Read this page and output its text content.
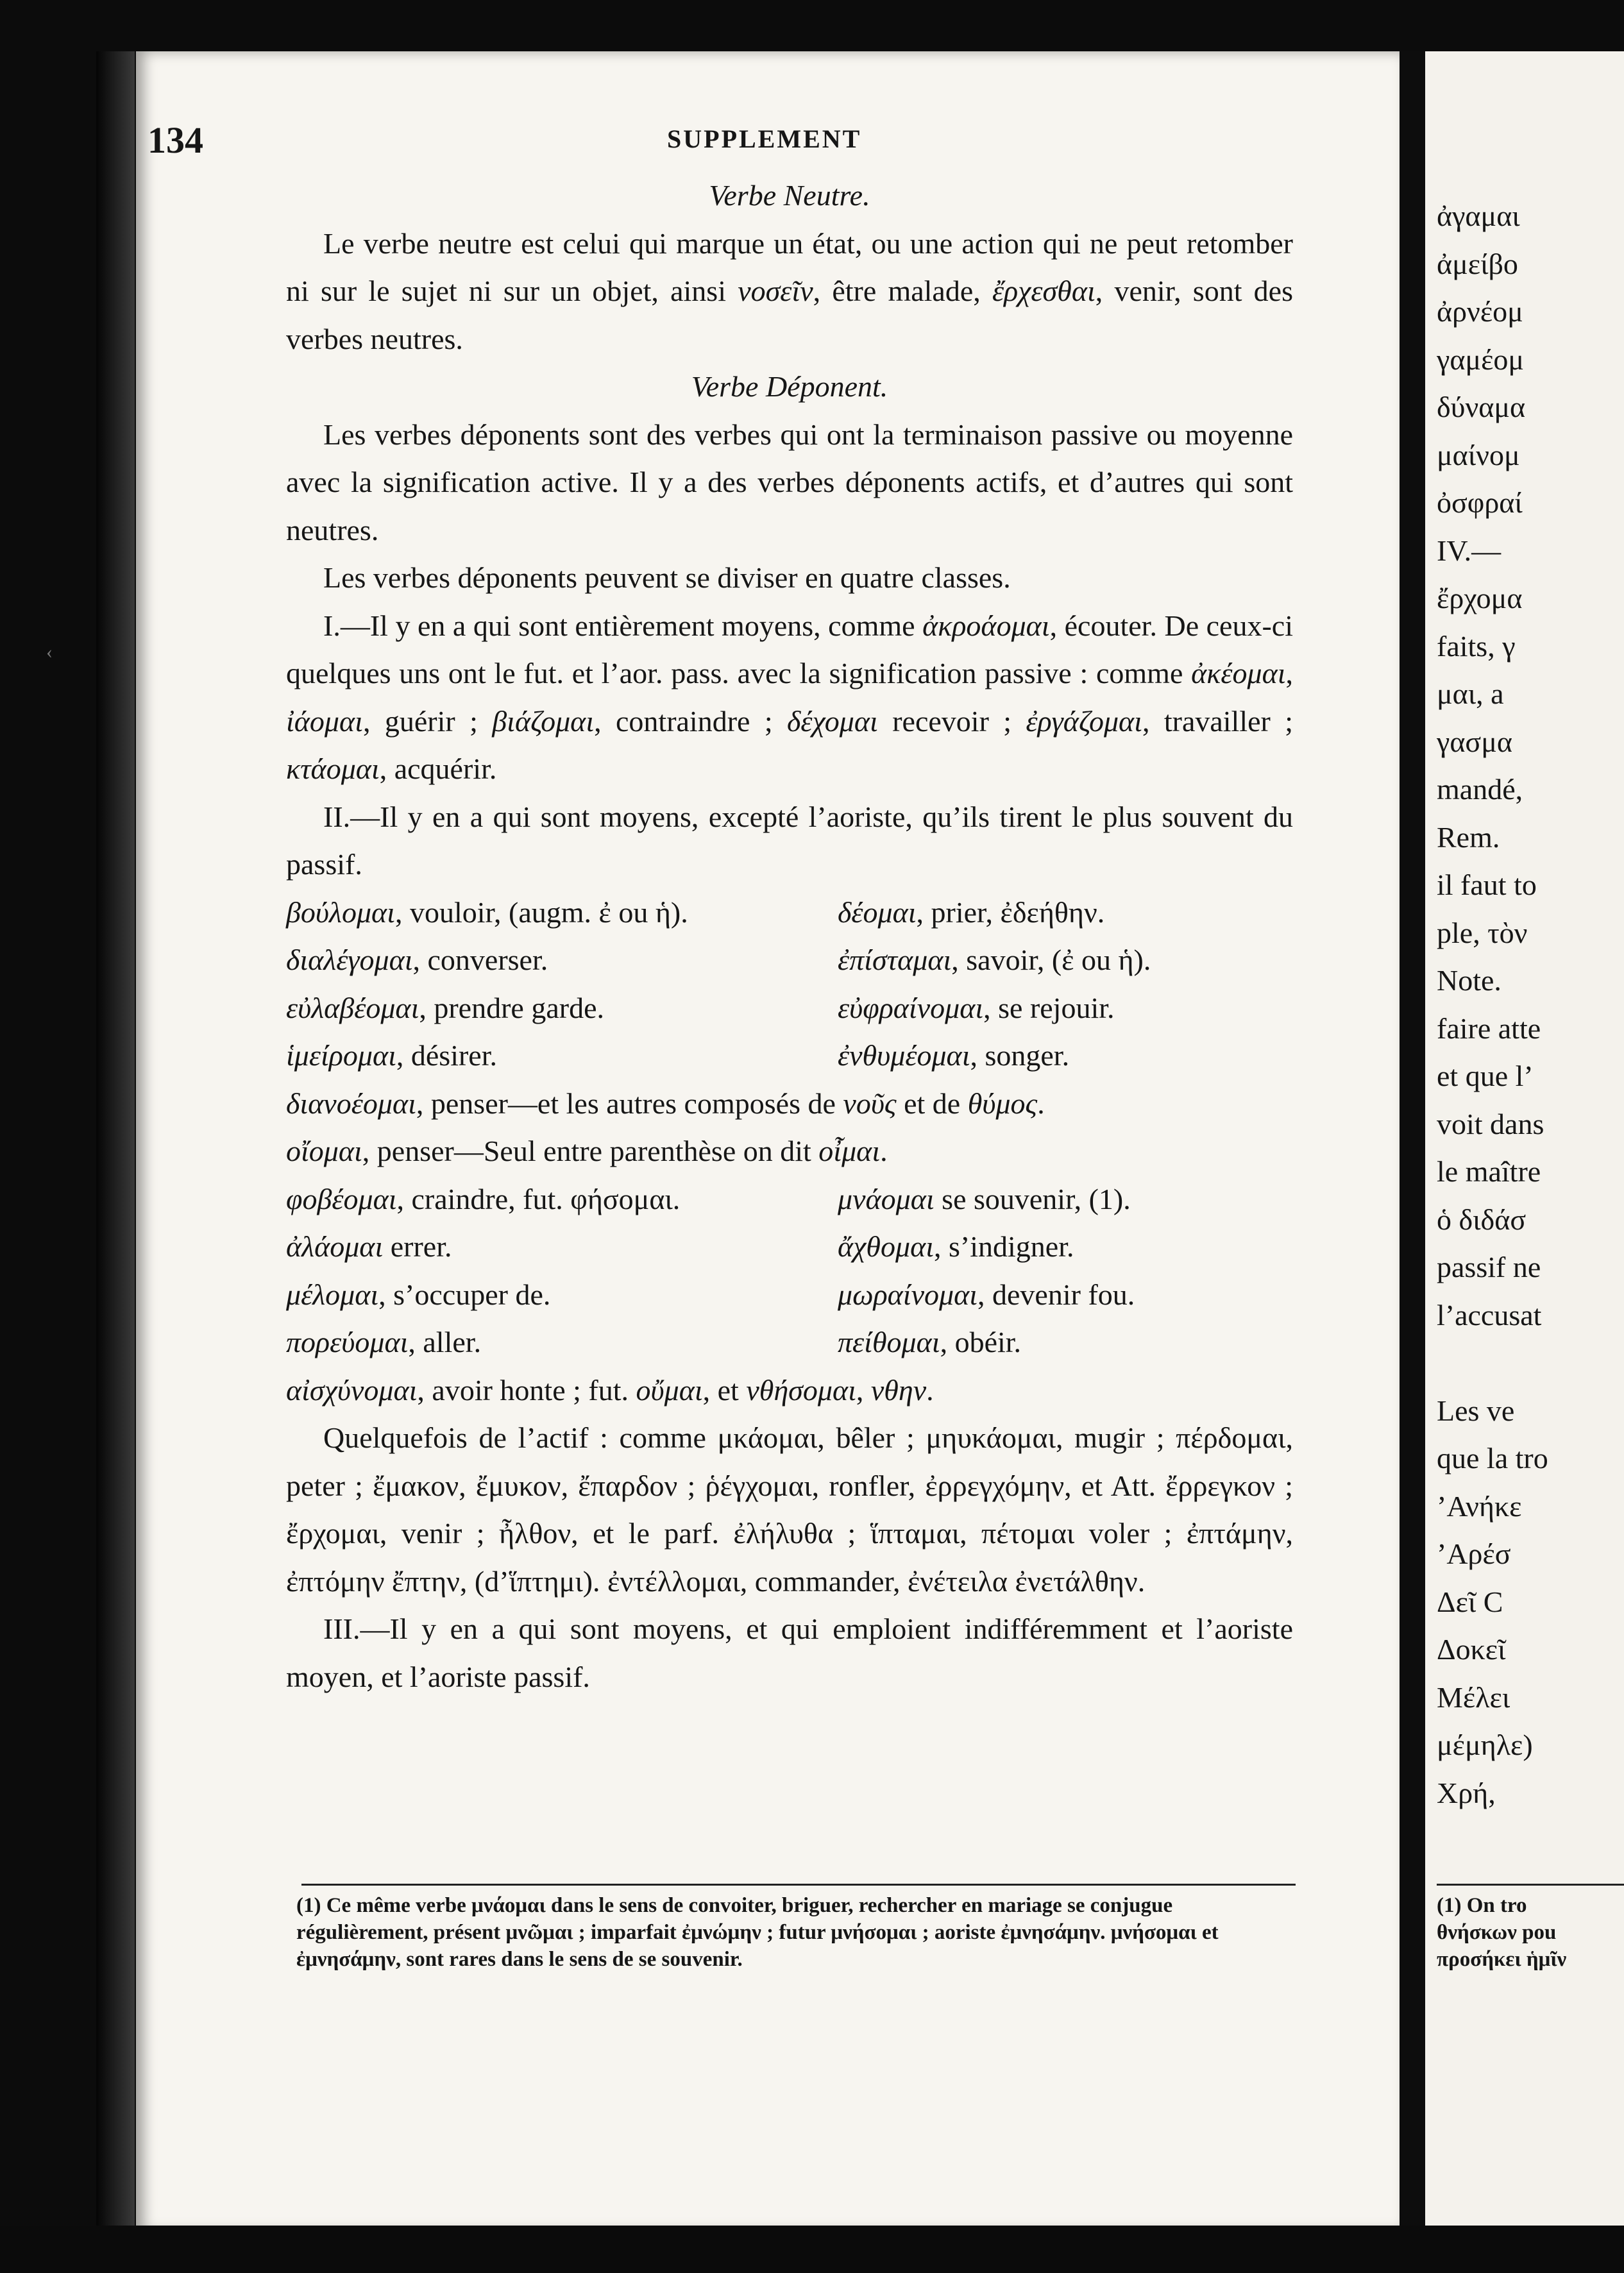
‹
134	SUPPLEMENT

Verbe Neutre.

Le verbe neutre est celui qui marque un état, ou une action qui ne peut retomber ni sur le sujet ni sur un objet, ainsi νοσεῖν, être malade, ἔρχεσθαι, venir, sont des verbes neutres.

Verbe Déponent.

Les verbes déponents sont des verbes qui ont la terminaison passive ou moyenne avec la signification active. Il y a des verbes déponents actifs, et d’autres qui sont neutres.

Les verbes déponents peuvent se diviser en quatre classes.

I.—Il y en a qui sont entièrement moyens, comme ἀκροάομαι, écouter. De ceux-ci quelques uns ont le fut. et l’aor. pass. avec la signification passive : comme ἀκέομαι, ἰάομαι, guérir ; βιάζομαι, contraindre ; δέχομαι recevoir ; ἐργάζομαι, travailler ; κτάομαι, acquérir.

II.—Il y en a qui sont moyens, excepté l’aoriste, qu’ils tirent le plus souvent du passif.

βούλομαι, vouloir, (augm. ἐ ou ἡ).	δέομαι, prier, ἐδεήθην.
διαλέγομαι, converser.	ἐπίσταμαι, savoir, (ἐ ou ἡ).
εὐλαβέομαι, prendre garde.	εὐφραίνομαι, se rejouir.
ἱμείρομαι, désirer.	ἐνθυμέομαι, songer.

διανοέομαι, penser—et les autres composés de νοῦς et de θύμος.

οἴομαι, penser—Seul entre parenthèse on dit οἶμαι.

φοβέομαι, craindre, fut. φήσομαι.	μνάομαι se souvenir, (1).
ἀλάομαι errer.	ἄχθομαι, s’indigner.
μέλομαι, s’occuper de.	μωραίνομαι, devenir fou.
πορεύομαι, aller.	πείθομαι, obéir.

αἰσχύνομαι, avoir honte ; fut. οὔμαι, et νθήσομαι, νθην.

Quelquefois de l’actif : comme μκάομαι, bêler ; μηυκάομαι, mugir ; πέρδομαι, peter ; ἔμακον, ἔμυκον, ἔπαρδον ; ῥέγχομαι, ronfler, ἐρρεγχόμην, et Att. ἔρρεγκον ; ἔρχομαι, venir ; ἦλθον, et le parf. ἐλήλυθα ; ἵπταμαι, πέτομαι voler ; ἐπτάμην, ἐπτόμην ἔπτην, (d’ἵπτημι). ἐντέλλομαι, commander, ἐνέτειλα ἐνετάλθην.

III.—Il y en a qui sont moyens, et qui emploient indifféremment et l’aoriste moyen, et l’aoriste passif.

(1) Ce même verbe μνάομαι dans le sens de convoiter, briguer, rechercher en mariage se conjugue régulièrement, présent μνῶμαι ; imparfait ἐμνώμην ; futur μνήσομαι ; aoriste ἐμνησάμην. μνήσομαι et ἐμνησάμην, sont rares dans le sens de se souvenir.
ἀγαμαι
ἀμείβο
ἀρνέομ
γαμέομ
δύναμα
μαίνομ
ὀσφραί
IV.—
ἔρχομα
faits, γ
μαι, a
γασμα
mandé,
Rem.
il faut to
ple, τὸν
Note.
faire atte
et que l’
voit dans
le maître
ὁ διδάσ
passif ne
l’accusat
Les ve
que la tro
’Ανήκε
’Αρέσ
Δεῖ C
Δοκεῖ
Μέλει
μέμηλε)
Χρή,
(1) On tro
θνήσκων pou
προσήκει ἡμῖν
